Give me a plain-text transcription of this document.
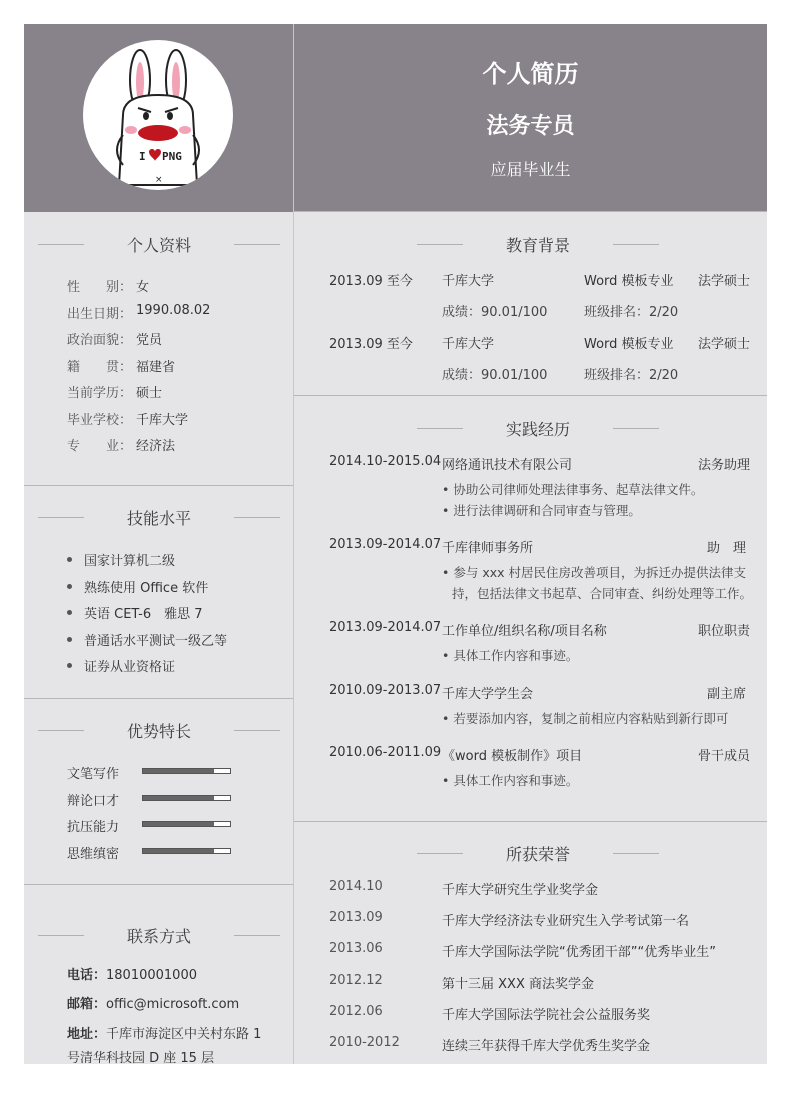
I PNG
×
个人简历
法务专员
应届毕业生
个人资料
性　　别： 女
出生日期： 1990.08.02
政治面貌： 党员
籍　　贯： 福建省
当前学历： 硕士
毕业学校： 千库大学
专　　业： 经济法
技能水平
国家计算机二级
熟练使用 Office 软件
英语 CET-6　雅思 7
普通话水平测试一级乙等
证券从业资格证
优势特长
文笔写作
辩论口才
抗压能力
思维缜密
联系方式
电话：18010001000
邮箱：offic@microsoft.com
地址：千库市海淀区中关村东路 1
号清华科技园 D 座 15 层
教育背景
2013.09 至今 千库大学	Word 模板专业 法学硕士
成绩：90.01/100	班级排名：2/20
2013.09 至今 千库大学	Word 模板专业 法学硕士
成绩：90.01/100	班级排名：2/20
实践经历
2014.10-2015.04 网络通讯技术有限公司	法务助理
• 协助公司律师处理法律事务、起草法律文件。
• 进行法律调研和合同审查与管理。
2013.09-2014.07 千库律师事务所	助　理
• 参与 xxx 村居民住房改善项目，为拆迁办提供法律支
持，包括法律文书起草、合同审查、纠纷处理等工作。
2013.09-2014.07 工作单位/组织名称/项目名称	职位职责
• 具体工作内容和事迹。
2010.09-2013.07 千库大学学生会	副主席
• 若要添加内容，复制之前相应内容粘贴到新行即可
2010.06-2011.09 《word 模板制作》项目	骨干成员
• 具体工作内容和事迹。
所获荣誉
2014.10	千库大学研究生学业奖学金
2013.09	千库大学经济法专业研究生入学考试第一名
2013.06	千库大学国际法学院“优秀团干部”“优秀毕业生”
2012.12	第十三届 XXX 商法奖学金
2012.06	千库大学国际法学院社会公益服务奖
2010-2012	连续三年获得千库大学优秀生奖学金
